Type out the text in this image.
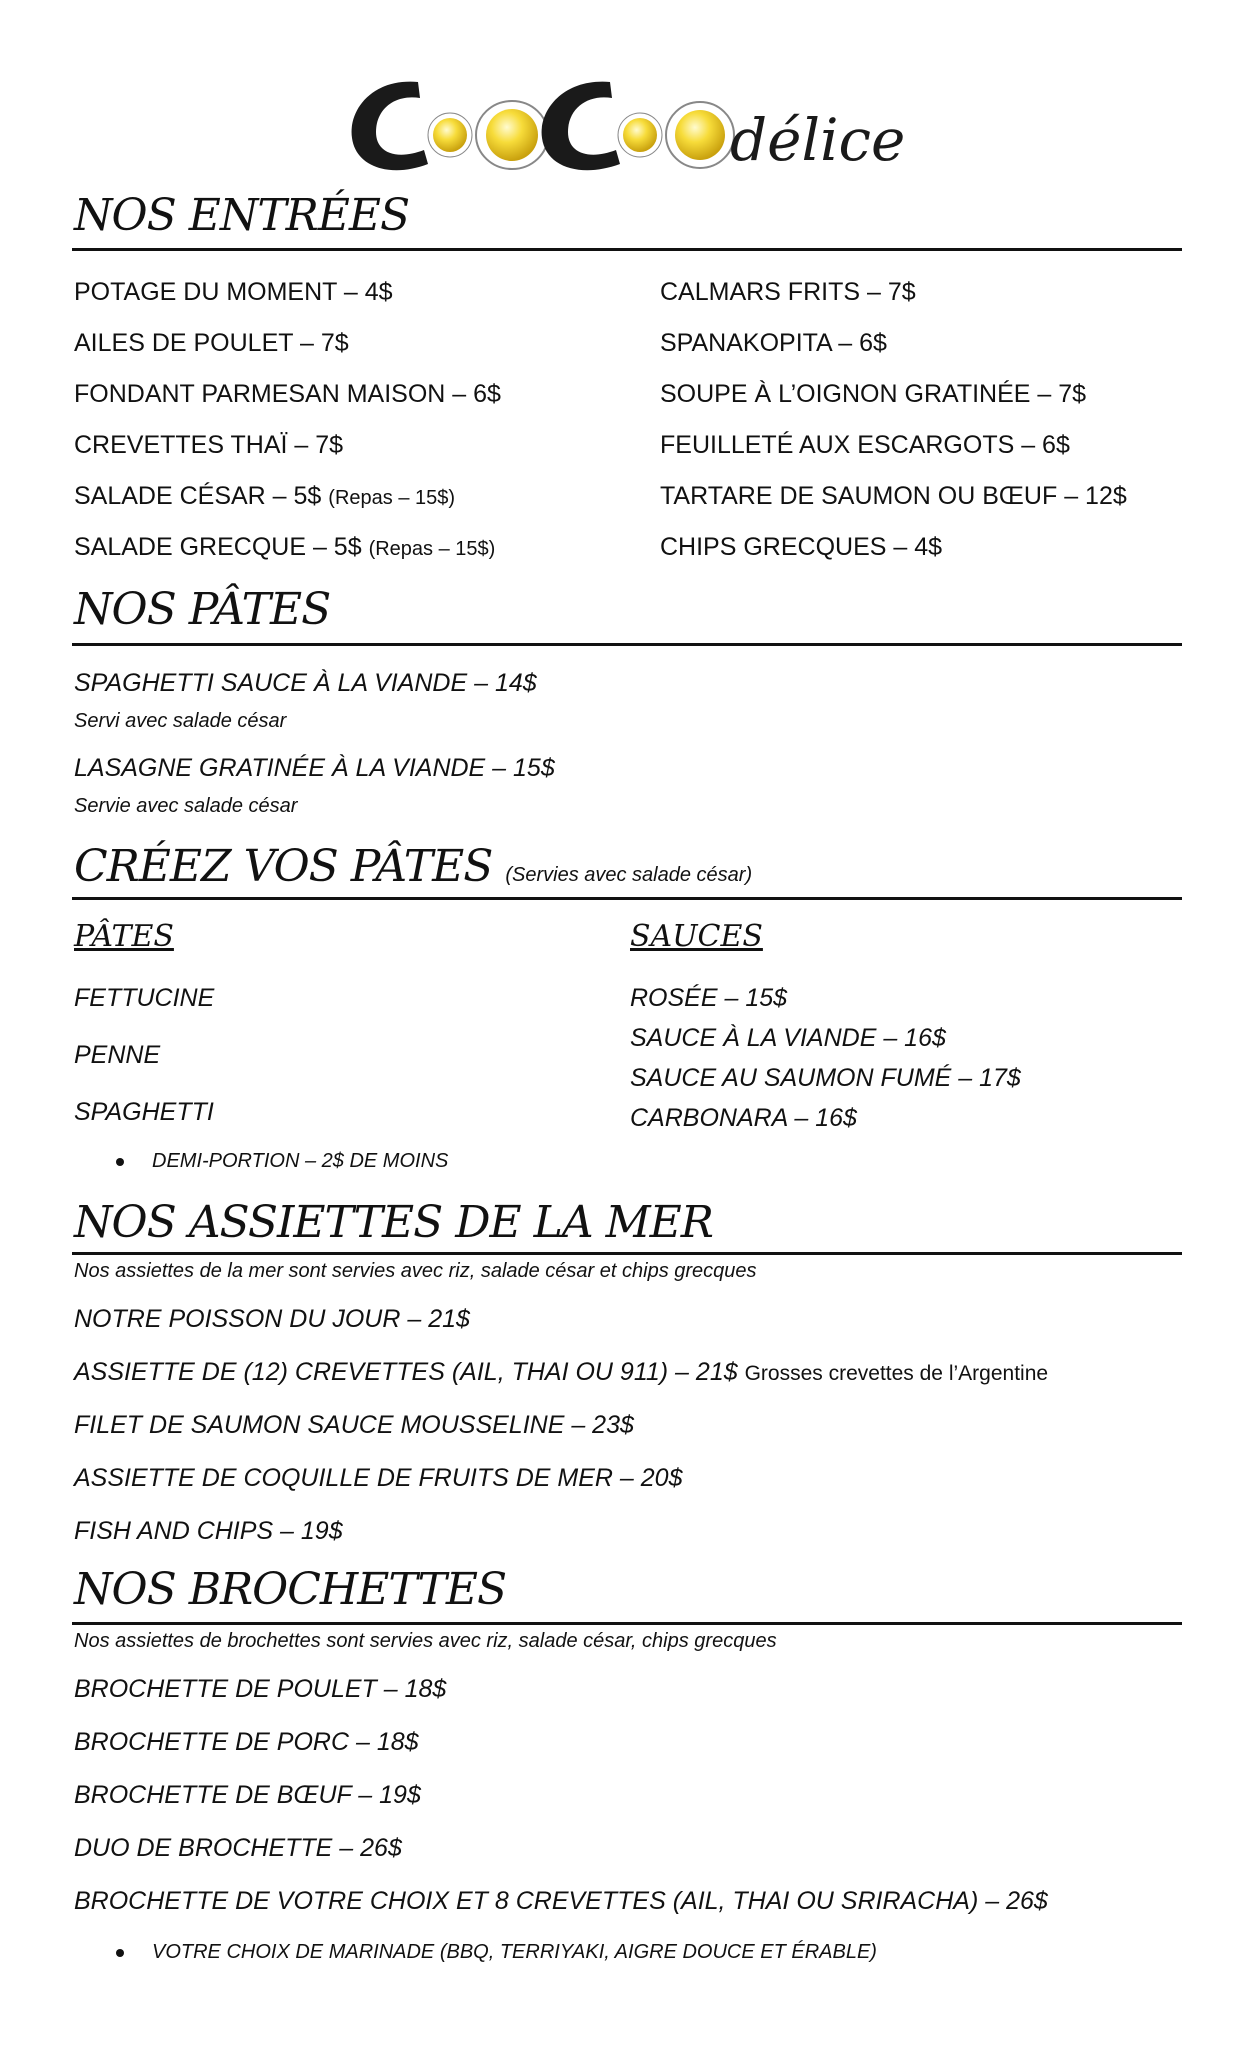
délice
NOS ENTRÉES
POTAGE DU MOMENT – 4$
AILES DE POULET – 7$
FONDANT PARMESAN MAISON – 6$
CREVETTES THAÏ – 7$
SALADE CÉSAR – 5$ (Repas – 15$)
SALADE GRECQUE – 5$ (Repas – 15$)
CALMARS FRITS – 7$
SPANAKOPITA – 6$
SOUPE À L’OIGNON GRATINÉE – 7$
FEUILLETÉ AUX ESCARGOTS – 6$
TARTARE DE SAUMON OU BŒUF – 12$
CHIPS GRECQUES – 4$
NOS PÂTES
SPAGHETTI SAUCE À LA VIANDE – 14$
Servi avec salade césar
LASAGNE GRATINÉE À LA VIANDE – 15$
Servie avec salade césar
CRÉEZ VOS PÂTES (Servies avec salade césar)
PÂTES	SAUCES
FETTUCINE
PENNE
SPAGHETTI
ROSÉE – 15$
SAUCE À LA VIANDE – 16$
SAUCE AU SAUMON FUMÉ – 17$
CARBONARA – 16$
DEMI-PORTION – 2$ DE MOINS
NOS ASSIETTES DE LA MER
Nos assiettes de la mer sont servies avec riz, salade césar et chips grecques
NOTRE POISSON DU JOUR – 21$
ASSIETTE DE (12) CREVETTES (AIL, THAI OU 911) – 21$ Grosses crevettes de l’Argentine
FILET DE SAUMON SAUCE MOUSSELINE – 23$
ASSIETTE DE COQUILLE DE FRUITS DE MER – 20$
FISH AND CHIPS – 19$
NOS BROCHETTES
Nos assiettes de brochettes sont servies avec riz, salade césar, chips grecques
BROCHETTE DE POULET – 18$
BROCHETTE DE PORC – 18$
BROCHETTE DE BŒUF – 19$
DUO DE BROCHETTE – 26$
BROCHETTE DE VOTRE CHOIX ET 8 CREVETTES (AIL, THAI OU SRIRACHA) – 26$
VOTRE CHOIX DE MARINADE (BBQ, TERRIYAKI, AIGRE DOUCE ET ÉRABLE)
